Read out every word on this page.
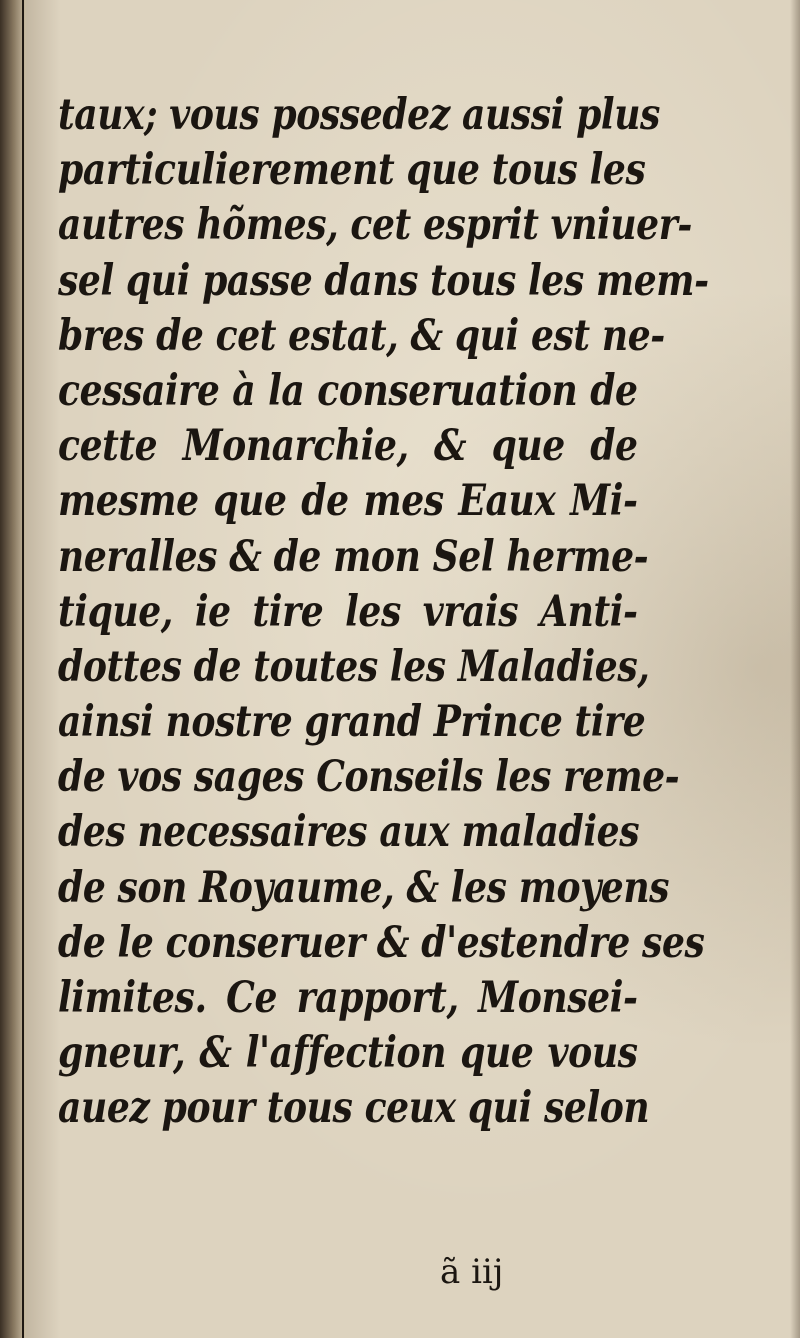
taux; vous possedez aussi plus
particulierement que tous les
autres hõmes, cet esprit vniuer-
sel qui passe dans tous les mem-
bres de cet estat, & qui est ne-
cessaire à la conseruation de
cette Monarchie, & que de
mesme que de mes Eaux Mi-
neralles & de mon Sel herme-
tique, ie tire les vrais Anti-
dottes de toutes les Maladies,
ainsi nostre grand Prince tire
de vos sages Conseils les reme-
des necessaires aux maladies
de son Royaume, & les moyens
de le conseruer & d'estendre ses
limites. Ce rapport, Monsei-
gneur, & l'affection que vous
auez pour tous ceux qui selon
ã iij
